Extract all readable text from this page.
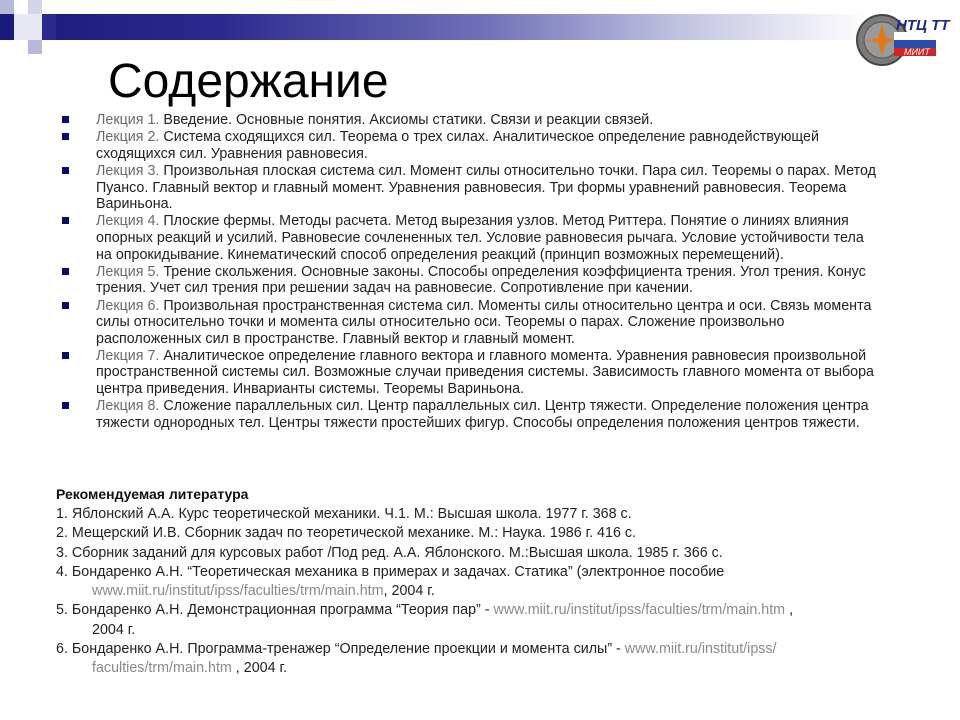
НТЦ ТТ
МИИТ
Содержание
Лекция 1. Введение. Основные понятия. Аксиомы статики. Связи и реакции связей.
Лекция 2. Система сходящихся сил. Теорема о трех силах. Аналитическое определение равнодействующей сходящихся сил. Уравнения равновесия.
Лекция 3. Произвольная плоская система сил. Момент силы относительно точки. Пара сил. Теоремы о парах. Метод Пуансо. Главный вектор и главный момент. Уравнения равновесия. Три формы уравнений равновесия. Теорема Вариньона.
Лекция 4. Плоские фермы. Методы расчета. Метод вырезания узлов. Метод Риттера. Понятие о линиях влияния опорных реакций и усилий. Равновесие сочлененных тел. Условие равновесия рычага. Условие устойчивости тела на опрокидывание. Кинематический способ определения реакций (принцип возможных перемещений).
Лекция 5. Трение скольжения. Основные законы. Способы определения коэффициента трения. Угол трения. Конус трения. Учет сил трения при решении задач на равновесие. Сопротивление при качении.
Лекция 6. Произвольная пространственная система сил. Моменты силы относительно центра и оси. Связь момента силы относительно точки и момента силы относительно оси. Теоремы о парах. Сложение произвольно расположенных сил в пространстве. Главный вектор и главный момент.
Лекция 7. Аналитическое определение главного вектора и главного момента. Уравнения равновесия произвольной пространственной системы сил. Возможные случаи приведения системы. Зависимость главного момента от выбора центра приведения. Инварианты системы. Теоремы Вариньона.
Лекция 8. Сложение параллельных сил. Центр параллельных сил. Центр тяжести. Определение положения центра тяжести однородных тел. Центры тяжести простейших фигур. Способы определения положения центров тяжести.
Рекомендуемая литература
1. Яблонский А.А. Курс теоретической механики. Ч.1. М.: Высшая школа. 1977 г. 368 с.
2. Мещерский И.В. Сборник задач по теоретической механике. М.: Наука. 1986 г. 416 с.
3. Сборник заданий для курсовых работ /Под ред. А.А. Яблонского. М.:Высшая школа. 1985 г. 366 с.
4. Бондаренко А.Н. “Теоретическая механика в примерах и задачах. Статика” (электронное пособие
www.miit.ru/institut/ipss/faculties/trm/main.htm, 2004 г.
5. Бондаренко А.Н. Демонстрационная программа “Теория пар” - www.miit.ru/institut/ipss/faculties/trm/main.htm ,
2004 г.
6. Бондаренко А.Н. Программа-тренажер “Определение проекции и момента силы” - www.miit.ru/institut/ipss/
faculties/trm/main.htm , 2004 г.
